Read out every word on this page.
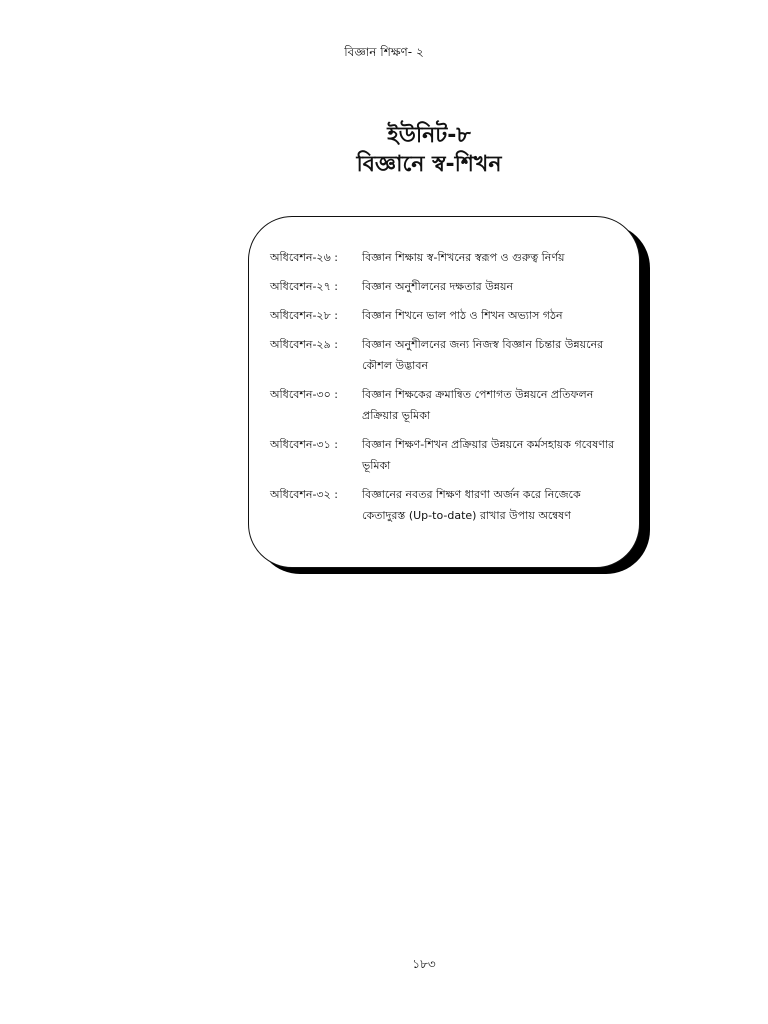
বিজ্ঞান শিক্ষণ- ২
ইউনিট-৮
বিজ্ঞানে স্ব-শিখন
অধিবেশন-২৬ :	বিজ্ঞান শিক্ষায় স্ব-শিখনের স্বরূপ ও গুরুত্ব নির্ণয়
অধিবেশন-২৭ :	বিজ্ঞান অনুশীলনের দক্ষতার উন্নয়ন
অধিবেশন-২৮ :	বিজ্ঞান শিখনে ভাল পাঠ ও শিখন অভ্যাস গঠন
অধিবেশন-২৯ :	বিজ্ঞান অনুশীলনের জন্য নিজস্ব বিজ্ঞান চিন্তার উন্নয়নের কৌশল উদ্ভাবন
অধিবেশন-৩০ :	বিজ্ঞান শিক্ষকের ক্রমান্বিত পেশাগত উন্নয়নে প্রতিফলন প্রক্রিয়ার ভূমিকা
অধিবেশন-৩১ :	বিজ্ঞান শিক্ষণ-শিখন প্রক্রিয়ার উন্নয়নে কর্মসহায়ক গবেষণার ভূমিকা
অধিবেশন-৩২ :	বিজ্ঞানের নবতর শিক্ষণ ধারণা অর্জন করে নিজেকে কেতাদুরস্ত (Up-to-date) রাখার উপায় অন্বেষণ
১৮৩
